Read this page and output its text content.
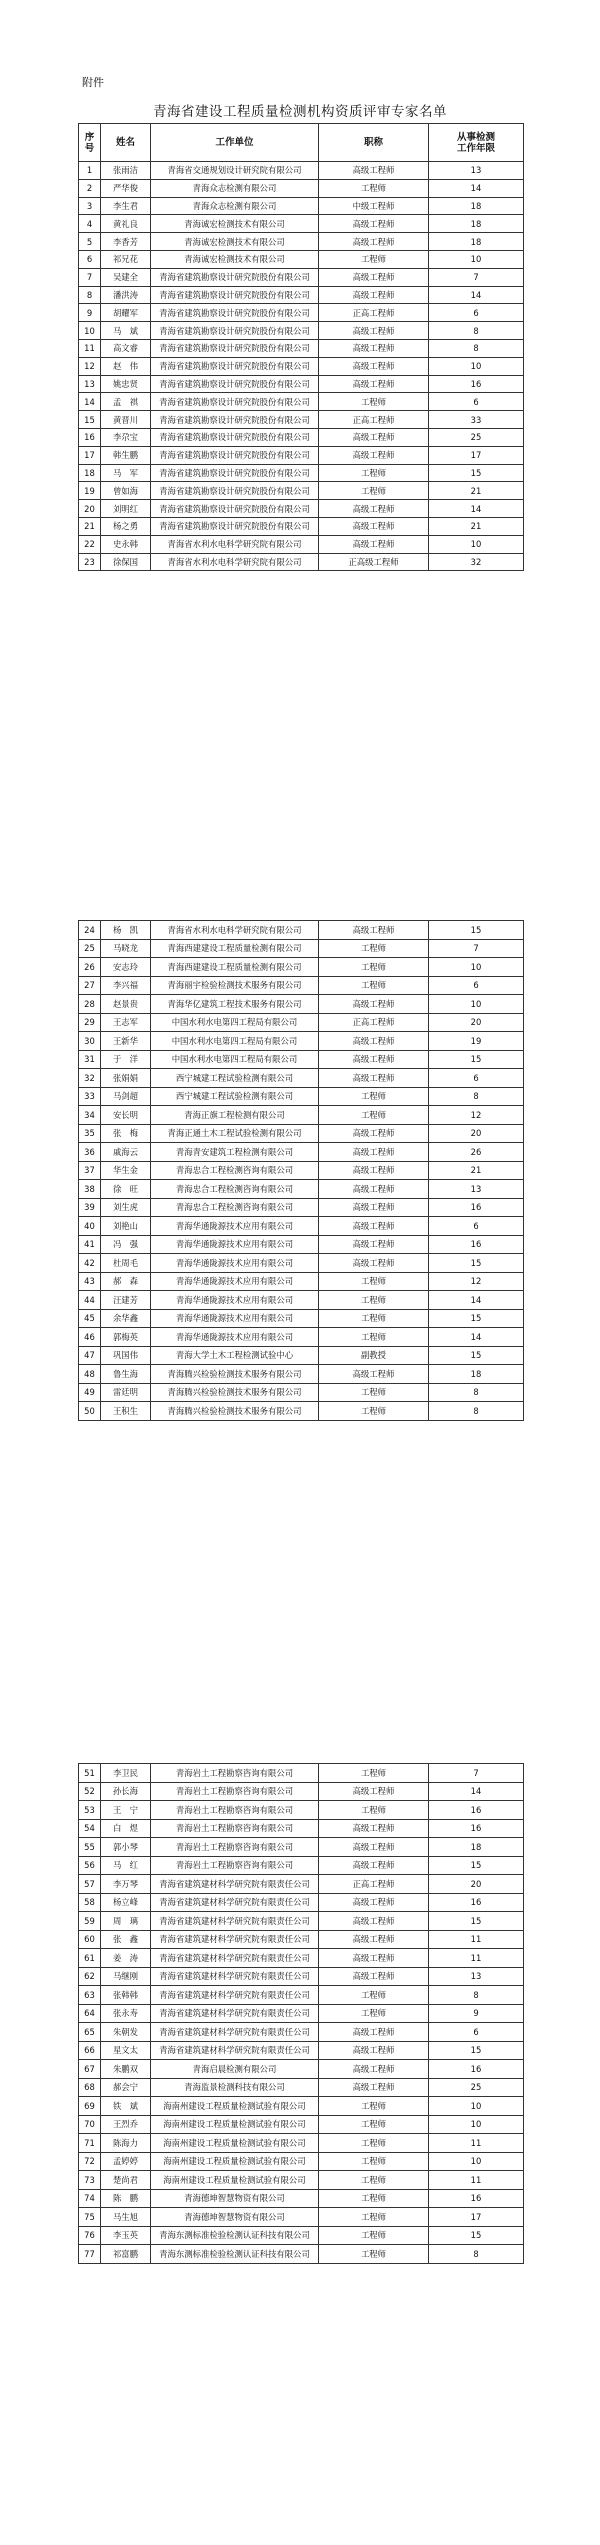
附件
青海省建设工程质量检测机构资质评审专家名单
序
号	姓名	工作单位	职称	从事检测
工作年限
1	张雨洁	青海省交通规划设计研究院有限公司	高级工程师	13
2	严华俊	青海众志检测有限公司	工程师	14
3	李生君	青海众志检测有限公司	中级工程师	18
4	黄礼良	青海诚宏检测技术有限公司	高级工程师	18
5	李香芳	青海诚宏检测技术有限公司	高级工程师	18
6	祁兄花	青海诚宏检测技术有限公司	工程师	10
7	吴建全	青海省建筑勘察设计研究院股份有限公司	高级工程师	7
8	潘洪涛	青海省建筑勘察设计研究院股份有限公司	高级工程师	14
9	胡耀军	青海省建筑勘察设计研究院股份有限公司	正高工程师	6
10	马　斌	青海省建筑勘察设计研究院股份有限公司	高级工程师	8
11	高文睿	青海省建筑勘察设计研究院股份有限公司	高级工程师	8
12	赵　伟	青海省建筑勘察设计研究院股份有限公司	高级工程师	10
13	姚忠贤	青海省建筑勘察设计研究院股份有限公司	高级工程师	16
14	孟　祺	青海省建筑勘察设计研究院股份有限公司	工程师	6
15	黄晋川	青海省建筑勘察设计研究院股份有限公司	正高工程师	33
16	李尕宝	青海省建筑勘察设计研究院股份有限公司	高级工程师	25
17	韩生鹏	青海省建筑勘察设计研究院股份有限公司	高级工程师	17
18	马　军	青海省建筑勘察设计研究院股份有限公司	工程师	15
19	曾如海	青海省建筑勘察设计研究院股份有限公司	工程师	21
20	刘明红	青海省建筑勘察设计研究院股份有限公司	高级工程师	14
21	杨之勇	青海省建筑勘察设计研究院股份有限公司	高级工程师	21
22	史永韩	青海省水利水电科学研究院有限公司	高级工程师	10
23	徐保国	青海省水利水电科学研究院有限公司	正高级工程师	32
24	杨　凯	青海省水利水电科学研究院有限公司	高级工程师	15
25	马晓龙	青海西建建设工程质量检测有限公司	工程师	7
26	安志玲	青海西建建设工程质量检测有限公司	工程师	10
27	李兴福	青海丽宇检验检测技术服务有限公司	工程师	6
28	赵景贵	青海华亿建筑工程技术服务有限公司	高级工程师	10
29	王志军	中国水利水电第四工程局有限公司	正高工程师	20
30	王新华	中国水利水电第四工程局有限公司	高级工程师	19
31	于　洋	中国水利水电第四工程局有限公司	高级工程师	15
32	张娟娟	西宁城建工程试验检测有限公司	高级工程师	6
33	马剑超	西宁城建工程试验检测有限公司	工程师	8
34	安长明	青海正旗工程检测有限公司	工程师	12
35	张　梅	青海正通土木工程试验检测有限公司	高级工程师	20
36	戚海云	青海青安建筑工程检测有限公司	高级工程师	26
37	华生金	青海忠合工程检测咨询有限公司	高级工程师	21
38	徐　旺	青海忠合工程检测咨询有限公司	高级工程师	13
39	刘生虎	青海忠合工程检测咨询有限公司	高级工程师	16
40	刘艳山	青海华通陇源技术应用有限公司	高级工程师	6
41	冯　强	青海华通陇源技术应用有限公司	高级工程师	16
42	杜周毛	青海华通陇源技术应用有限公司	高级工程师	15
43	郝　森	青海华通陇源技术应用有限公司	工程师	12
44	汪建芳	青海华通陇源技术应用有限公司	工程师	14
45	余华鑫	青海华通陇源技术应用有限公司	工程师	15
46	郭梅英	青海华通陇源技术应用有限公司	工程师	14
47	巩国伟	青海大学土木工程检测试验中心	副教授	15
48	鲁生海	青海腾兴检验检测技术服务有限公司	高级工程师	18
49	雷廷明	青海腾兴检验检测技术服务有限公司	工程师	8
50	王积生	青海腾兴检验检测技术服务有限公司	工程师	8
51	李卫民	青海岩土工程勘察咨询有限公司	工程师	7
52	孙长海	青海岩土工程勘察咨询有限公司	高级工程师	14
53	王　宁	青海岩土工程勘察咨询有限公司	工程师	16
54	白　煜	青海岩土工程勘察咨询有限公司	高级工程师	16
55	郭小琴	青海岩土工程勘察咨询有限公司	高级工程师	18
56	马　红	青海岩土工程勘察咨询有限公司	高级工程师	15
57	李万琴	青海省建筑建材科学研究院有限责任公司	正高工程师	20
58	杨立峰	青海省建筑建材科学研究院有限责任公司	高级工程师	16
59	周　璃	青海省建筑建材科学研究院有限责任公司	高级工程师	15
60	张　鑫	青海省建筑建材科学研究院有限责任公司	高级工程师	11
61	姜　涛	青海省建筑建材科学研究院有限责任公司	高级工程师	11
62	马继刚	青海省建筑建材科学研究院有限责任公司	高级工程师	13
63	张韩韩	青海省建筑建材科学研究院有限责任公司	工程师	8
64	张永寿	青海省建筑建材科学研究院有限责任公司	工程师	9
65	朱朝发	青海省建筑建材科学研究院有限责任公司	高级工程师	6
66	星文太	青海省建筑建材科学研究院有限责任公司	高级工程师	15
67	朱鹏双	青海启晨检测有限公司	高级工程师	16
68	郝会宁	青海监景检测科技有限公司	高级工程师	25
69	铁　斌	海南州建设工程质量检测试验有限公司	工程师	10
70	王烈乔	海南州建设工程质量检测试验有限公司	工程师	10
71	陈海力	海南州建设工程质量检测试验有限公司	工程师	11
72	孟婷婷	海南州建设工程质量检测试验有限公司	工程师	10
73	楚尚君	海南州建设工程质量检测试验有限公司	工程师	11
74	陈　鹏	青海德坤智慧物资有限公司	工程师	16
75	马生旭	青海德坤智慧物资有限公司	工程师	17
76	李玉英	青海东测标准检验检测认证科技有限公司	工程师	15
77	祁富鹏	青海东测标准检验检测认证科技有限公司	工程师	8
